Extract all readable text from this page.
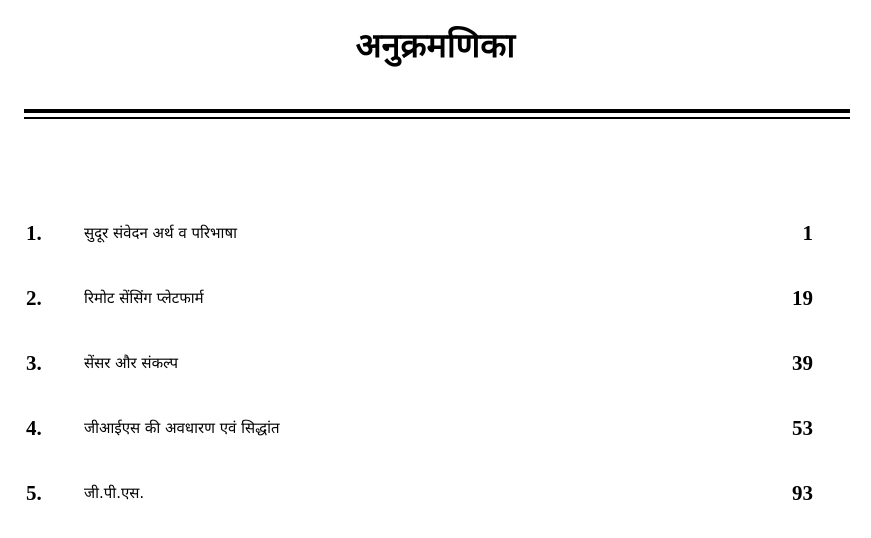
अनुक्रमणिका
1.	सुदूर संवेदन अर्थ व परिभाषा	1
2.	रिमोट सेंसिंग प्लेटफार्म	19
3.	सेंसर और संकल्प	39
4.	जीआईएस की अवधारण एवं सिद्धांत	53
5.	जी.पी.एस.	93
